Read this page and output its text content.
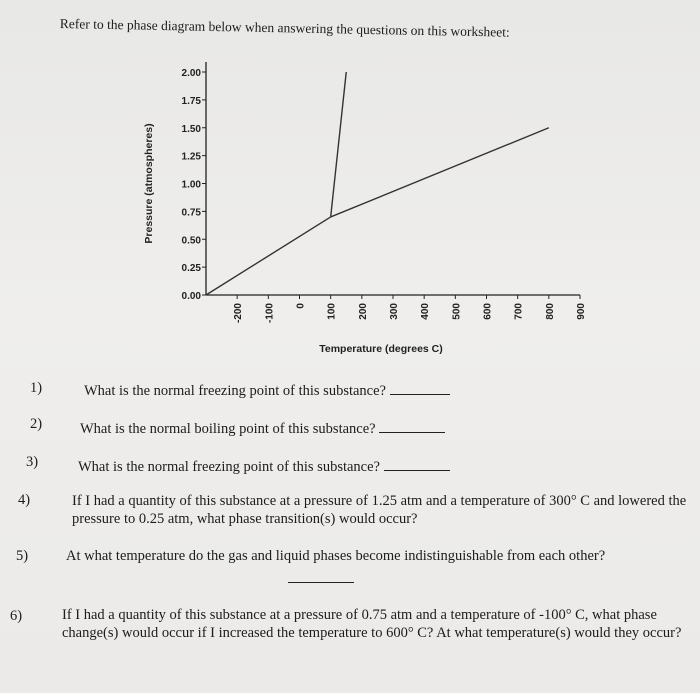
Refer to the phase diagram below when answering the questions on this worksheet:
0.00
0.25
0.50
0.75
1.00
1.25
1.50
1.75
2.00
-200 -100 0 100 200 300 400 500 600 700 800 900
Pressure (atmospheres)
Temperature (degrees C)
1)	What is the normal freezing point of this substance?
2)	What is the normal boiling point of this substance?
3)	What is the normal freezing point of this substance?
4)	If I had a quantity of this substance at a pressure of 1.25 atm and a temperature of 300° C and lowered the pressure to 0.25 atm, what phase transition(s) would occur?
5)	At what temperature do the gas and liquid phases become indistinguishable from each other?
6)	If I had a quantity of this substance at a pressure of 0.75 atm and a temperature of -100° C, what phase change(s) would occur if I increased the temperature to 600° C? At what temperature(s) would they occur?
